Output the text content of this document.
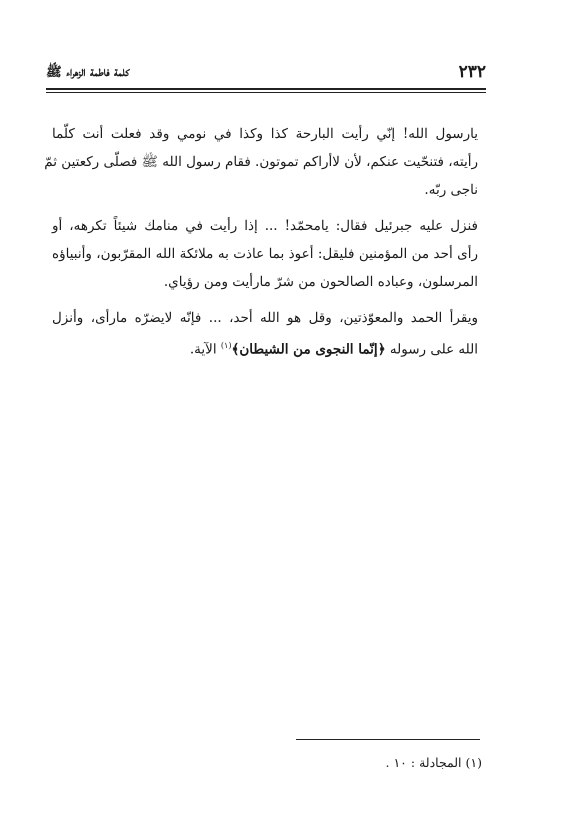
٢٣٢
كلمة فاطمة الزهراء ﷺ

يارسول الله! إنّي رأيت البارحة كذا وكذا في نومي وقد فعلت أنت كلّما
رأيته، فتنحّيت عنكم، لأن لاأراكم تموتون. فقام رسول الله ﷺ فصلّى ركعتين ثمّ
ناجى ربّه.

فنزل عليه جبرئيل فقال: يامحمّد! ... إذا رأيت في منامك شيئاً تكرهه، أو
رأى أحد من المؤمنين فليقل: أعوذ بما عاذت به ملائكة الله المقرّبون، وأنبياؤه
المرسلون، وعباده الصالحون من شرّ مارأيت ومن رؤياي.

ويقرأ الحمد والمعوّذتين، وقل هو الله أحد، ... فإنّه لايضرّه مارأى، وأنزل
الله على رسوله ﴿إنّما النجوى من الشيطان﴾$^{(١)}$ الآية.

(١) المجادلة : ١٠ .
